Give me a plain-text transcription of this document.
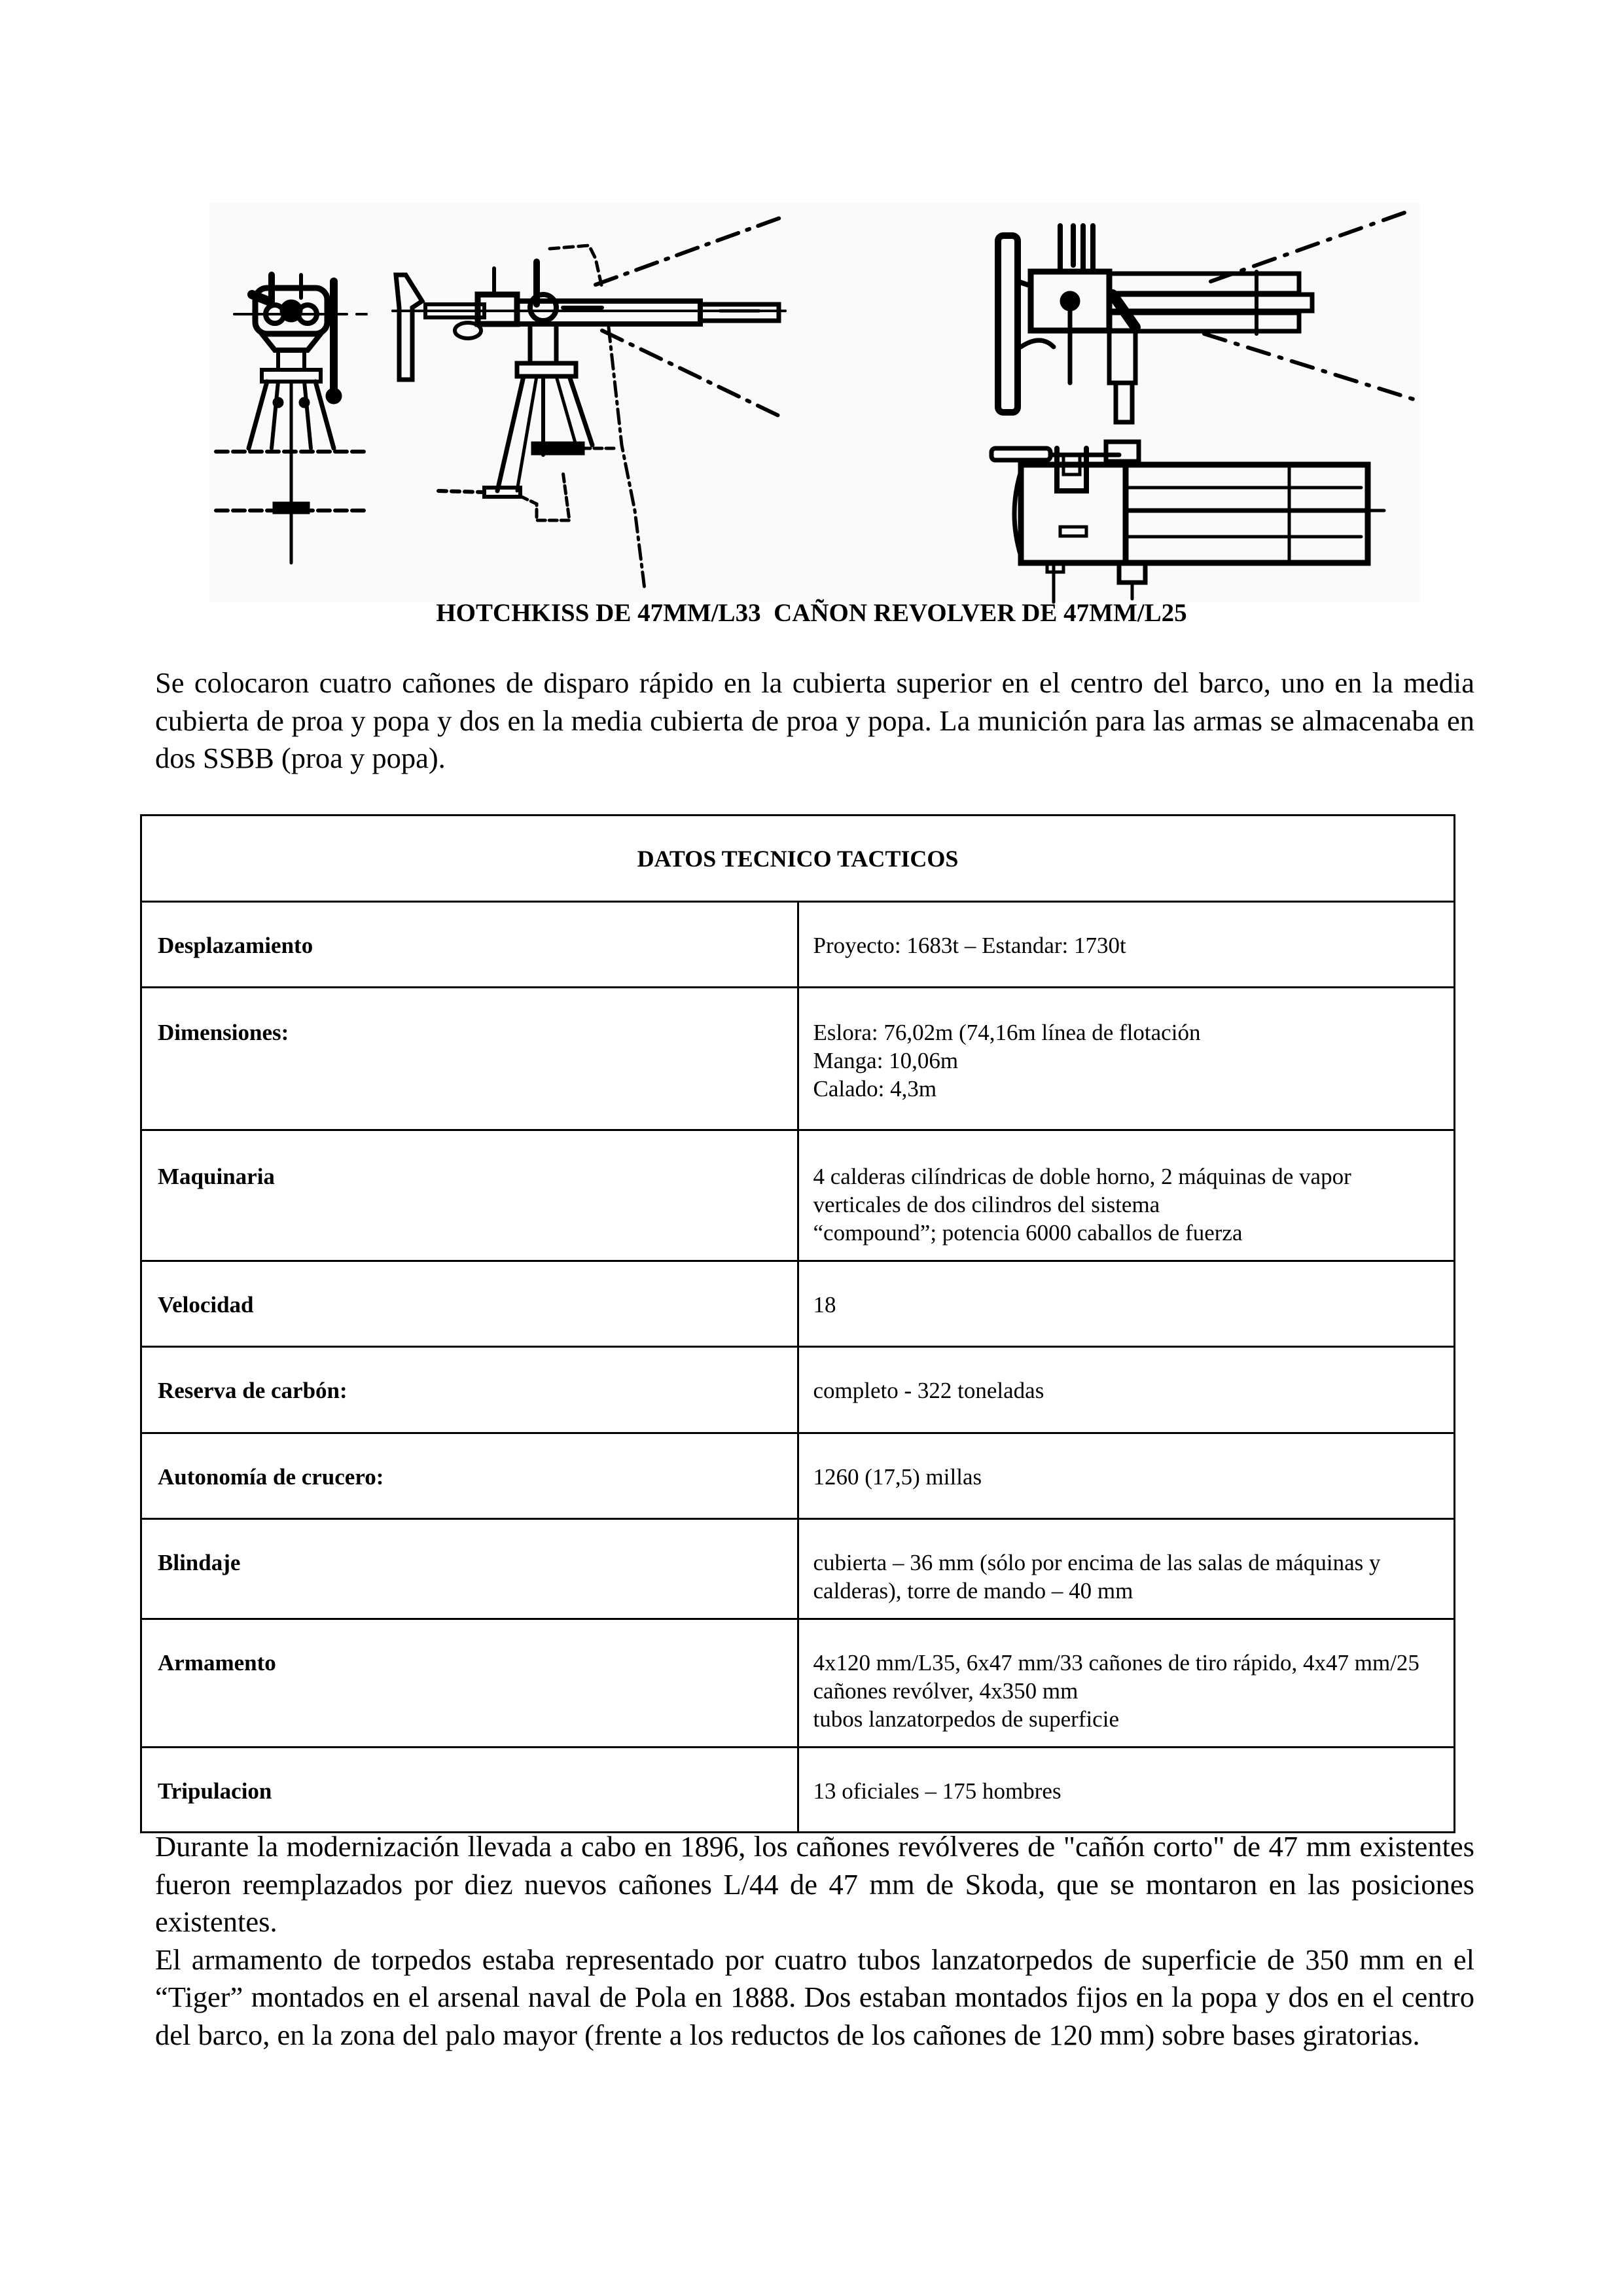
HOTCHKISS DE 47MM/L33  CAÑON REVOLVER DE 47MM/L25

Se colocaron cuatro cañones de disparo rápido en la cubierta superior en el centro del barco, uno en la media cubierta de proa y popa y dos en la media cubierta de proa y popa. La munición para las armas se almacenaba en dos SSBB (proa y popa).

DATOS TECNICO TACTICOS	

Desplazamiento	Proyecto: 1683t – Estandar: 1730t

Dimensiones:	Eslora: 76,02m (74,16m línea de flotación
Manga: 10,06m
Calado: 4,3m

Maquinaria	4 calderas cilíndricas de doble horno, 2 máquinas de vapor verticales de dos cilindros del sistema
“compound”; potencia 6000 caballos de fuerza

Velocidad	18

Reserva de carbón:	completo - 322 toneladas

Autonomía de crucero:	1260 (17,5) millas

Blindaje	cubierta – 36 mm (sólo por encima de las salas de máquinas y calderas), torre de mando – 40 mm

Armamento	4x120 mm/L35, 6x47 mm/33 cañones de tiro rápido, 4x47 mm/25 cañones revólver, 4x350 mm
tubos lanzatorpedos de superficie

Tripulacion	13 oficiales – 175 hombres

Durante la modernización llevada a cabo en 1896, los cañones revólveres de "cañón corto" de 47 mm existentes fueron reemplazados por diez nuevos cañones L/44 de 47 mm de Skoda, que se montaron en las posiciones existentes.

El armamento de torpedos estaba representado por cuatro tubos lanzatorpedos de superficie de 350 mm en el “Tiger” montados en el arsenal naval de Pola en 1888. Dos estaban montados fijos en la popa y dos en el centro del barco, en la zona del palo mayor (frente a los reductos de los cañones de 120 mm) sobre bases giratorias.
